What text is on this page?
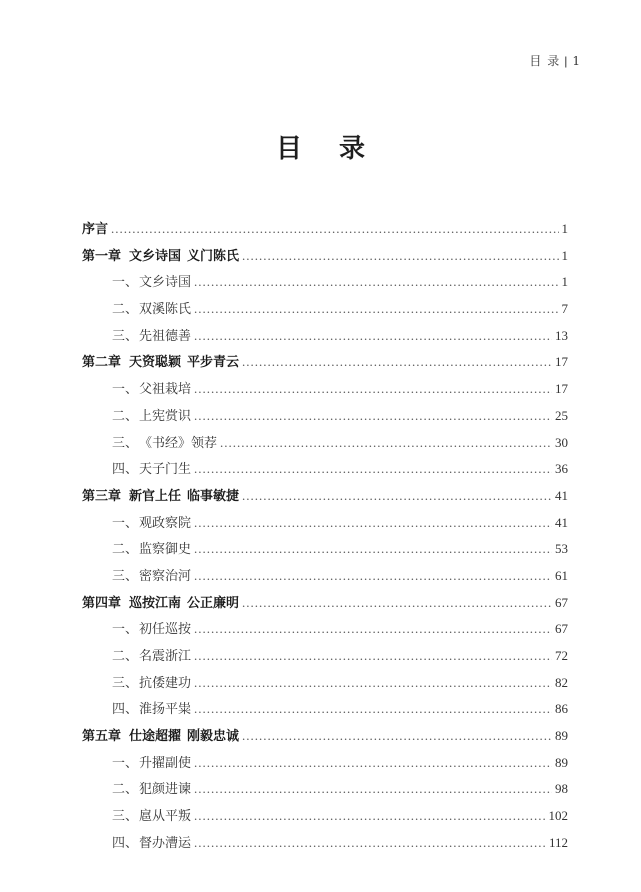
目 录 | 1
目 录
序言 .....	1
第一章 文乡诗国 义门陈氏 .....	1
一、 文乡诗国 .....	1
二、 双溪陈氏 .....	7
三、 先祖德善 .....	13
第二章 天资聪颖 平步青云 .....	17
一、 父祖栽培 .....	17
二、 上宪赏识 .....	25
三、 《书经》领荐 .....	30
四、 天子门生 .....	36
第三章 新官上任 临事敏捷 .....	41
一、 观政察院 .....	41
二、 监察御史 .....	53
三、 密察治河 .....	61
第四章 巡按江南 公正廉明 .....	67
一、 初任巡按 .....	67
二、 名震浙江 .....	72
三、 抗倭建功 .....	82
四、 淮扬平粜 .....	86
第五章 仕途超擢 刚毅忠诚 .....	89
一、 升擢副使 .....	89
二、 犯颜进谏 .....	98
三、 扈从平叛 .....	102
四、 督办漕运 .....	112
